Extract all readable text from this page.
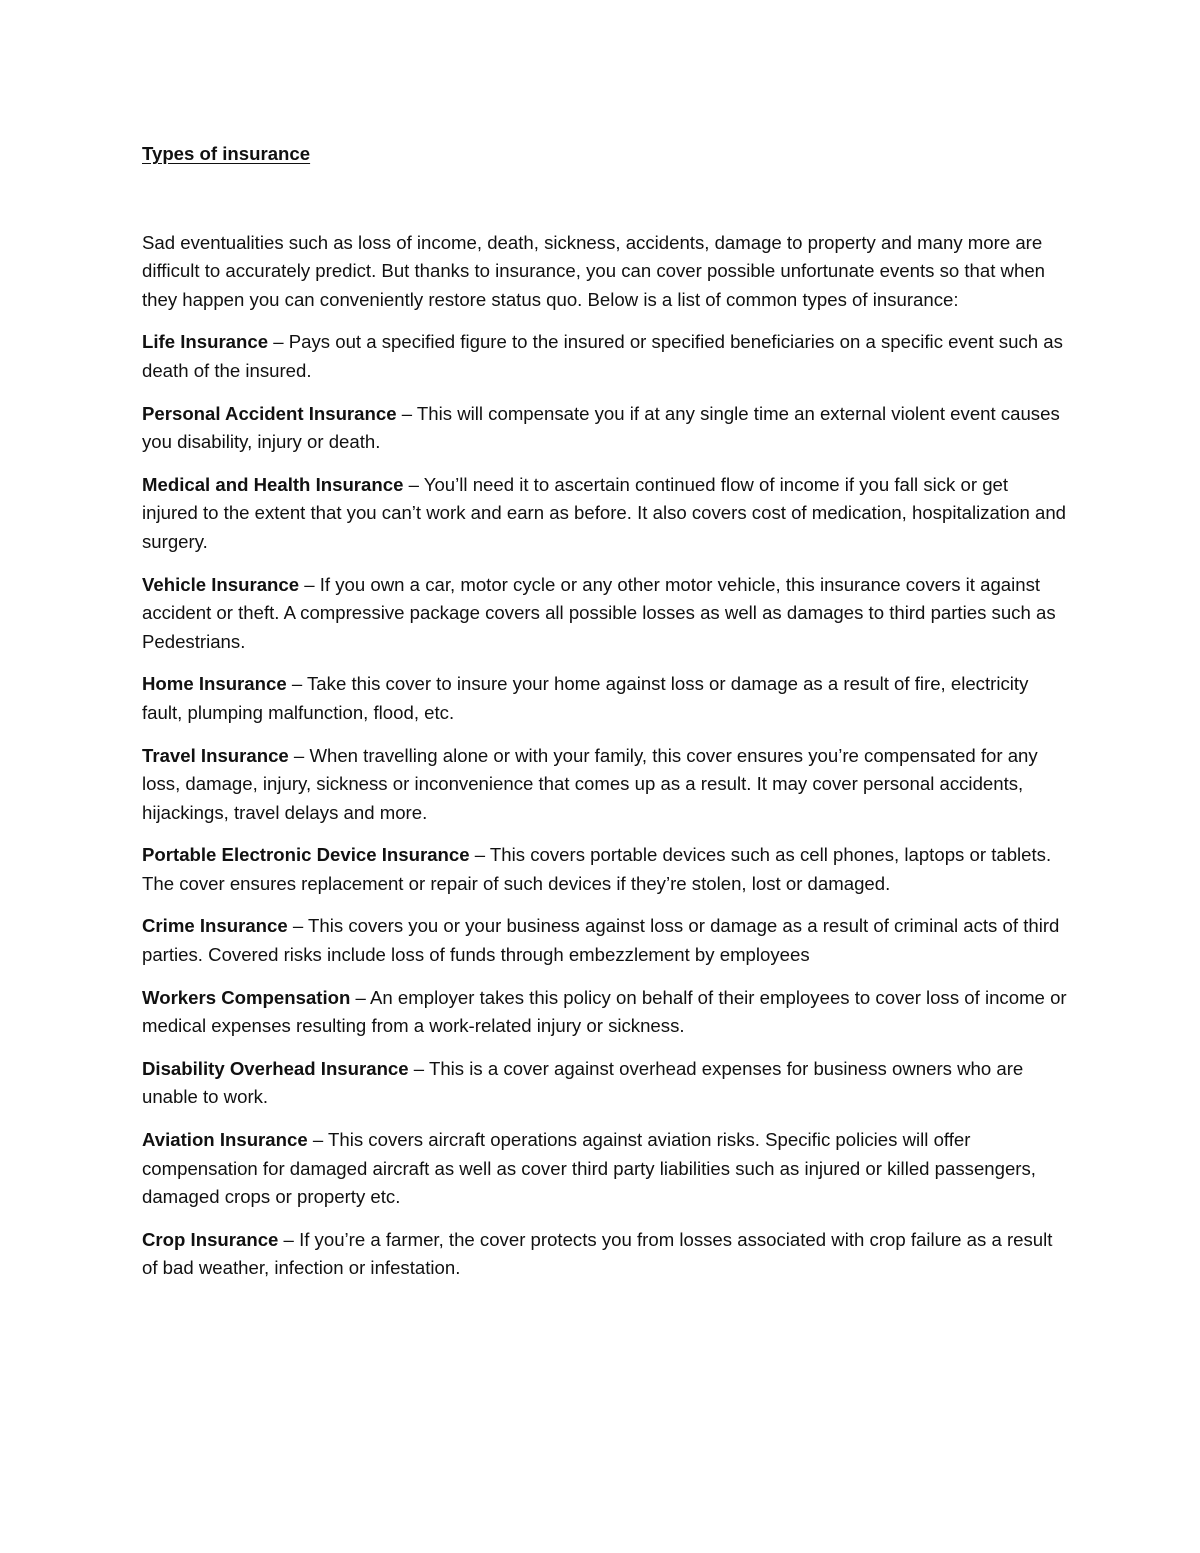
Types of insurance

Sad eventualities such as loss of income, death, sickness, accidents, damage to property and many more are difficult to accurately predict. But thanks to insurance, you can cover possible unfortunate events so that when they happen you can conveniently restore status quo. Below is a list of common types of insurance:

Life Insurance – Pays out a specified figure to the insured or specified beneficiaries on a specific event such as death of the insured.

Personal Accident Insurance – This will compensate you if at any single time an external violent event causes you disability, injury or death.

Medical and Health Insurance – You’ll need it to ascertain continued flow of income if you fall sick or get injured to the extent that you can’t work and earn as before. It also covers cost of medication, hospitalization and surgery.

Vehicle Insurance – If you own a car, motor cycle or any other motor vehicle, this insurance covers it against accident or theft. A compressive package covers all possible losses as well as damages to third parties such as Pedestrians.

Home Insurance – Take this cover to insure your home against loss or damage as a result of fire, electricity fault, plumping malfunction, flood, etc.

Travel Insurance – When travelling alone or with your family, this cover ensures you’re compensated for any loss, damage, injury, sickness or inconvenience that comes up as a result. It may cover personal accidents, hijackings, travel delays and more.

Portable Electronic Device Insurance – This covers portable devices such as cell phones, laptops or tablets. The cover ensures replacement or repair of such devices if they’re stolen, lost or damaged.

Crime Insurance – This covers you or your business against loss or damage as a result of criminal acts of third parties. Covered risks include loss of funds through embezzlement by employees

Workers Compensation – An employer takes this policy on behalf of their employees to cover loss of income or medical expenses resulting from a work-related injury or sickness.

Disability Overhead Insurance – This is a cover against overhead expenses for business owners who are unable to work.

Aviation Insurance – This covers aircraft operations against aviation risks. Specific policies will offer compensation for damaged aircraft as well as cover third party liabilities such as injured or killed passengers, damaged crops or property etc.

Crop Insurance – If you’re a farmer, the cover protects you from losses associated with crop failure as a result of bad weather, infection or infestation.
